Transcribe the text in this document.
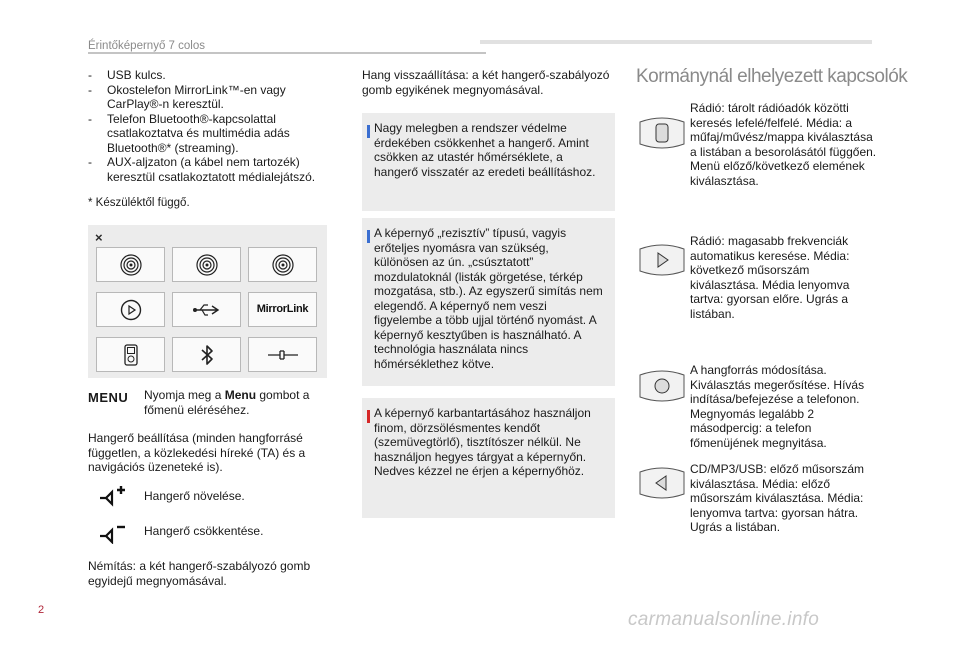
Érintőképernyő 7 colos
- USB kulcs.
- Okostelefon MirrorLink™-en vagy CarPlay®-n keresztül.
- Telefon Bluetooth®-kapcsolattal csatlakoztatva és multimédia adás Bluetooth®* (streaming).
- AUX-aljzaton (a kábel nem tartozék) keresztül csatlakoztatott médialejátszó.
* Készüléktől függő.
×
MirrorLink
MENU Nyomja meg a Menu gombot a főmenü eléréséhez.
Hangerő beállítása (minden hangforrásé független, a közlekedési híreké (TA) és a navigációs üzeneteké is).
Hangerő növelése.
Hangerő csökkentése.
Némítás: a két hangerő-szabályozó gomb egyidejű megnyomásával.
Hang visszaállítása: a két hangerő-szabályozó gomb egyikének megnyomásával.
Nagy melegben a rendszer védelme érdekében csökkenhet a hangerő. Amint csökken az utastér hőmérséklete, a hangerő visszatér az eredeti beállításhoz.
A képernyő „rezisztív” típusú, vagyis erőteljes nyomásra van szükség, különösen az ún. „csúsztatott” mozdulatoknál (listák görgetése, térkép mozgatása, stb.). Az egyszerű simítás nem elegendő. A képernyő nem veszi figyelembe a több ujjal történő nyomást. A képernyő kesztyűben is használható. A technológia használata nincs hőmérséklethez kötve.
A képernyő karbantartásához használjon finom, dörzsölésmentes kendőt (szemüvegtörlő), tisztítószer nélkül. Ne használjon hegyes tárgyat a képernyőn. Nedves kézzel ne érjen a képernyőhöz.
Kormánynál elhelyezett kapcsolók
Rádió: tárolt rádióadók közötti keresés lefelé/felfelé. Média: a műfaj/művész/mappa kiválasztása a listában a besorolásától függően. Menü előző/következő elemének kiválasztása.
Rádió: magasabb frekvenciák automatikus keresése. Média: következő műsorszám kiválasztása. Média lenyomva tartva: gyorsan előre. Ugrás a listában.
A hangforrás módosítása. Kiválasztás megerősítése. Hívás indítása/befejezése a telefonon. Megnyomás legalább 2 másodpercig: a telefon főmenüjének megnyitása.
CD/MP3/USB: előző műsorszám kiválasztása. Média: előző műsorszám kiválasztása. Média: lenyomva tartva: gyorsan hátra. Ugrás a listában.
2	carmanualsonline.info
